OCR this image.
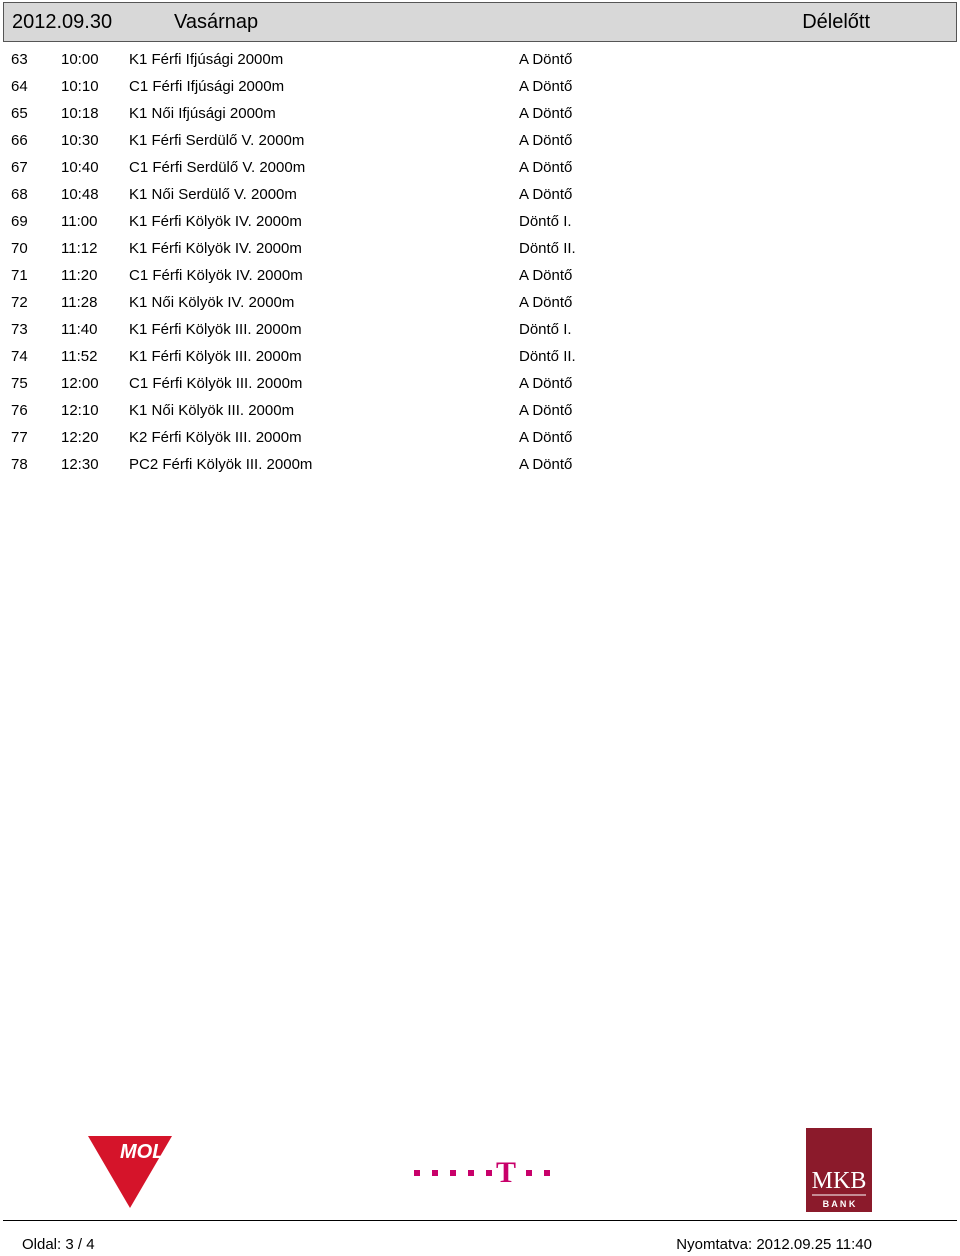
2012.09.30	Vasárnap	Délelőtt
63 10:00 K1 Férfi Ifjúsági 2000m	A Döntő
64 10:10 C1 Férfi Ifjúsági 2000m	A Döntő
65 10:18 K1 Női Ifjúsági 2000m	A Döntő
66 10:30 K1 Férfi Serdülő V. 2000m	A Döntő
67 10:40 C1 Férfi Serdülő V. 2000m	A Döntő
68 10:48 K1 Női Serdülő V. 2000m	A Döntő
69 11:00 K1 Férfi Kölyök IV. 2000m	Döntő I.
70 11:12 K1 Férfi Kölyök IV. 2000m	Döntő II.
71 11:20 C1 Férfi Kölyök IV. 2000m	A Döntő
72 11:28 K1 Női Kölyök IV. 2000m	A Döntő
73 11:40 K1 Férfi Kölyök III. 2000m	Döntő I.
74 11:52 K1 Férfi Kölyök III. 2000m	Döntő II.
75 12:00 C1 Férfi Kölyök III. 2000m	A Döntő
76 12:10 K1 Női Kölyök III. 2000m	A Döntő
77 12:20 K2 Férfi Kölyök III. 2000m	A Döntő
78 12:30 PC2 Férfi Kölyök III. 2000m	A Döntő
MOL
T	MKB
B A N K
Oldal: 3 / 4	Nyomtatva: 2012.09.25 11:40
